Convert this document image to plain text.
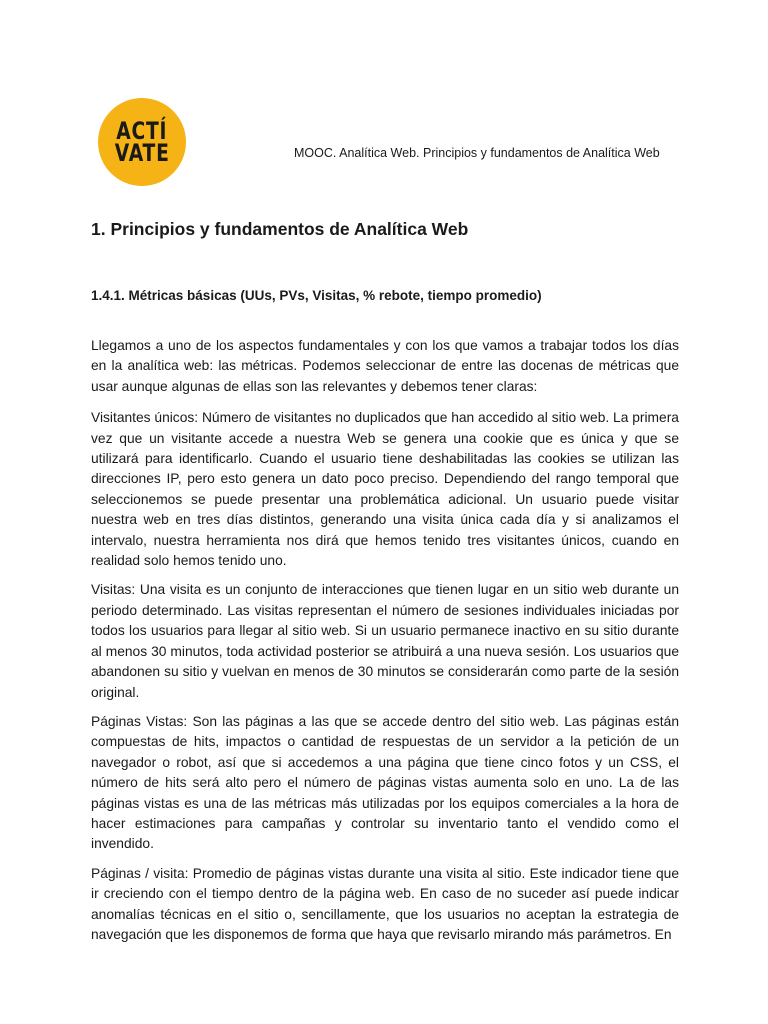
ACTÍ
VATE	MOOC. Analítica Web. Principios y fundamentos de Analítica Web
1. Principios y fundamentos de Analítica Web
1.4.1. Métricas básicas (UUs, PVs, Visitas, % rebote, tiempo promedio)

Llegamos a uno de los aspectos fundamentales y con los que vamos a trabajar todos los días en la analítica web: las métricas. Podemos seleccionar de entre las docenas de métricas que usar aunque algunas de ellas son las relevantes y debemos tener claras:

Visitantes únicos: Número de visitantes no duplicados que han accedido al sitio web. La primera vez que un visitante accede a nuestra Web se genera una cookie que es única y que se utilizará para identificarlo. Cuando el usuario tiene deshabilitadas las cookies se utilizan las direcciones IP, pero esto genera un dato poco preciso. Dependiendo del rango temporal que seleccionemos se puede presentar una problemática adicional. Un usuario puede visitar nuestra web en tres días distintos, generando una visita única cada día y si analizamos el intervalo, nuestra herramienta nos dirá que hemos tenido tres visitantes únicos, cuando en realidad solo hemos tenido uno.

Visitas: Una visita es un conjunto de interacciones que tienen lugar en un sitio web durante un periodo determinado. Las visitas representan el número de sesiones individuales iniciadas por todos los usuarios para llegar al sitio web. Si un usuario permanece inactivo en su sitio durante al menos 30 minutos, toda actividad posterior se atribuirá a una nueva sesión. Los usuarios que abandonen su sitio y vuelvan en menos de 30 minutos se considerarán como parte de la sesión original.

Páginas Vistas: Son las páginas a las que se accede dentro del sitio web. Las páginas están compuestas de hits, impactos o cantidad de respuestas de un servidor a la petición de un navegador o robot, así que si accedemos a una página que tiene cinco fotos y un CSS, el número de hits será alto pero el número de páginas vistas aumenta solo en uno. La de las páginas vistas es una de las métricas más utilizadas por los equipos comerciales a la hora de hacer estimaciones para campañas y controlar su inventario tanto el vendido como el invendido.

Páginas / visita: Promedio de páginas vistas durante una visita al sitio. Este indicador tiene que ir creciendo con el tiempo dentro de la página web. En caso de no suceder así puede indicar anomalías técnicas en el sitio o, sencillamente, que los usuarios no aceptan la estrategia de navegación que les disponemos de forma que haya que revisarlo mirando más parámetros. En
